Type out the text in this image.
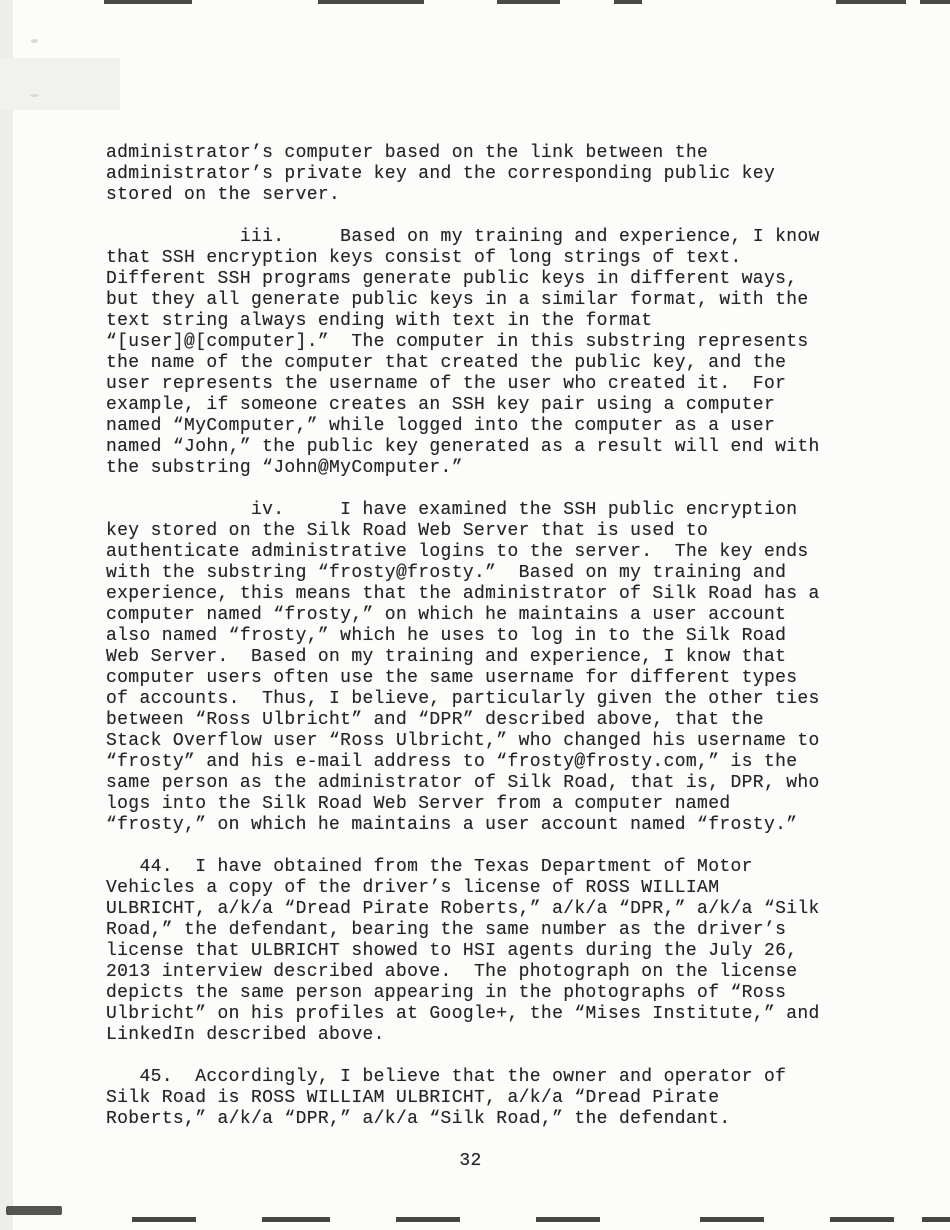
administrator’s computer based on the link between the
administrator’s private key and the corresponding public key
stored on the server.

iii.     Based on my training and experience, I know
that SSH encryption keys consist of long strings of text.
Different SSH programs generate public keys in different ways,
but they all generate public keys in a similar format, with the
text string always ending with text in the format
“[user]@[computer].”  The computer in this substring represents
the name of the computer that created the public key, and the
user represents the username of the user who created it.  For
example, if someone creates an SSH key pair using a computer
named “MyComputer,” while logged into the computer as a user
named “John,” the public key generated as a result will end with
the substring “John@MyComputer.”

iv.     I have examined the SSH public encryption
key stored on the Silk Road Web Server that is used to
authenticate administrative logins to the server.  The key ends
with the substring “frosty@frosty.”  Based on my training and
experience, this means that the administrator of Silk Road has a
computer named “frosty,” on which he maintains a user account
also named “frosty,” which he uses to log in to the Silk Road
Web Server.  Based on my training and experience, I know that
computer users often use the same username for different types
of accounts.  Thus, I believe, particularly given the other ties
between “Ross Ulbricht” and “DPR” described above, that the
Stack Overflow user “Ross Ulbricht,” who changed his username to
“frosty” and his e-mail address to “frosty@frosty.com,” is the
same person as the administrator of Silk Road, that is, DPR, who
logs into the Silk Road Web Server from a computer named
“frosty,” on which he maintains a user account named “frosty.”

44.  I have obtained from the Texas Department of Motor
Vehicles a copy of the driver’s license of ROSS WILLIAM
ULBRICHT, a/k/a “Dread Pirate Roberts,” a/k/a “DPR,” a/k/a “Silk
Road,” the defendant, bearing the same number as the driver’s
license that ULBRICHT showed to HSI agents during the July 26,
2013 interview described above.  The photograph on the license
depicts the same person appearing in the photographs of “Ross
Ulbricht” on his profiles at Google+, the “Mises Institute,” and
LinkedIn described above.

45.  Accordingly, I believe that the owner and operator of
Silk Road is ROSS WILLIAM ULBRICHT, a/k/a “Dread Pirate
Roberts,” a/k/a “DPR,” a/k/a “Silk Road,” the defendant.

32
